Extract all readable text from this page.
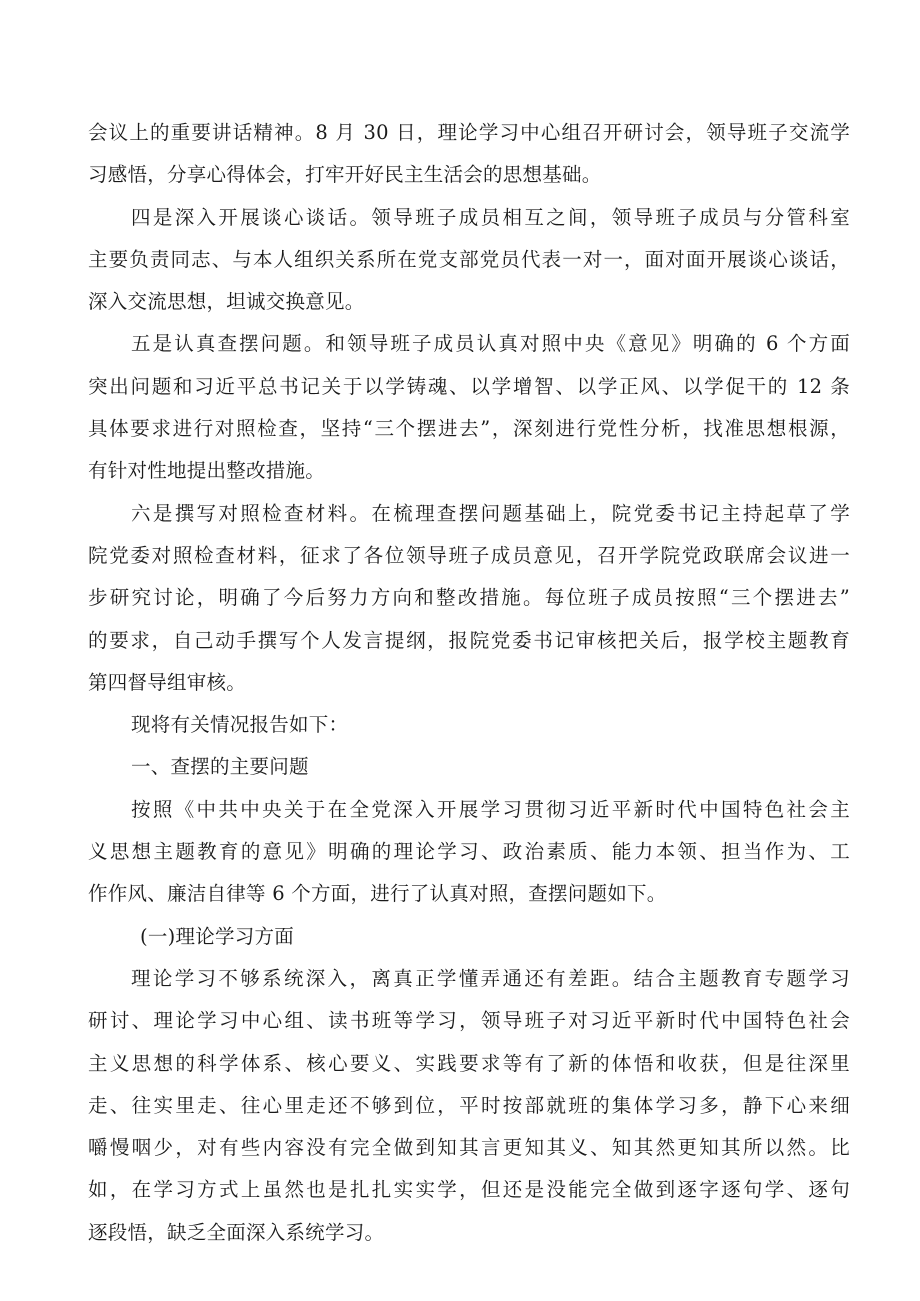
会议上的重要讲话精神。8 月 30 日，理论学习中心组召开研讨会，领导班子交流学
习感悟，分享心得体会，打牢开好民主生活会的思想基础。
四是深入开展谈心谈话。领导班子成员相互之间，领导班子成员与分管科室
主要负责同志、与本人组织关系所在党支部党员代表一对一，面对面开展谈心谈话，
深入交流思想，坦诚交换意见。
五是认真查摆问题。和领导班子成员认真对照中央《意见》明确的 6 个方面
突出问题和习近平总书记关于以学铸魂、以学增智、以学正风、以学促干的 12 条
具体要求进行对照检查，坚持“三个摆进去”，深刻进行党性分析，找准思想根源，
有针对性地提出整改措施。
六是撰写对照检查材料。在梳理查摆问题基础上，院党委书记主持起草了学
院党委对照检查材料，征求了各位领导班子成员意见，召开学院党政联席会议进一
步研究讨论，明确了今后努力方向和整改措施。每位班子成员按照“三个摆进去”
的要求，自己动手撰写个人发言提纲，报院党委书记审核把关后，报学校主题教育
第四督导组审核。
现将有关情况报告如下：
一、查摆的主要问题
按照《中共中央关于在全党深入开展学习贯彻习近平新时代中国特色社会主
义思想主题教育的意见》明确的理论学习、政治素质、能力本领、担当作为、工
作作风、廉洁自律等 6 个方面，进行了认真对照，查摆问题如下。
(一)理论学习方面
理论学习不够系统深入，离真正学懂弄通还有差距。结合主题教育专题学习
研讨、理论学习中心组、读书班等学习，领导班子对习近平新时代中国特色社会
主义思想的科学体系、核心要义、实践要求等有了新的体悟和收获，但是往深里
走、往实里走、往心里走还不够到位，平时按部就班的集体学习多，静下心来细
嚼慢咽少，对有些内容没有完全做到知其言更知其义、知其然更知其所以然。比
如，在学习方式上虽然也是扎扎实实学，但还是没能完全做到逐字逐句学、逐句
逐段悟，缺乏全面深入系统学习。
